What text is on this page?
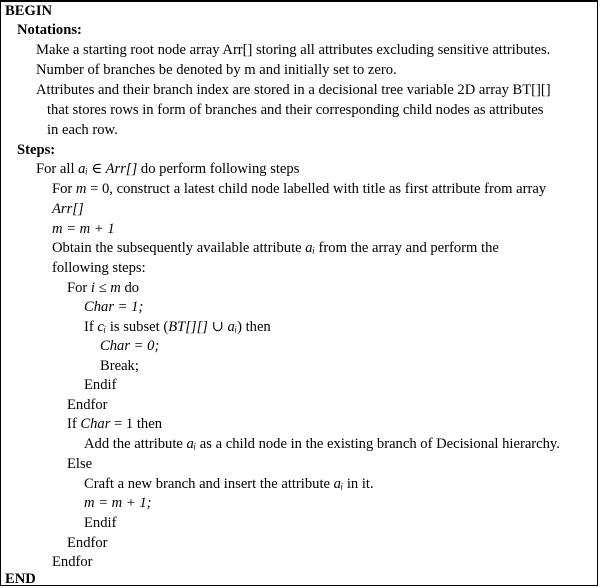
BEGIN
Notations:
Make a starting root node array Arr[] storing all attributes excluding sensitive attributes.
Number of branches be denoted by m and initially set to zero.
Attributes and their branch index are stored in a decisional tree variable 2D array BT[][]
that stores rows in form of branches and their corresponding child nodes as attributes
in each row.
Steps:
For all aᵢ ∈ Arr[] do perform following steps
For m = 0, construct a latest child node labelled with title as first attribute from array
Arr[]
m = m + 1
Obtain the subsequently available attribute aᵢ from the array and perform the
following steps:
For i ≤ m do
Char = 1;
If cᵢ is subset (BT[][] ∪ aᵢ) then
Char = 0;
Break;
Endif
Endfor
If Char = 1 then
Add the attribute aᵢ as a child node in the existing branch of Decisional hierarchy.
Else
Craft a new branch and insert the attribute aᵢ in it.
m = m + 1;
Endif
Endfor
Endfor
END
